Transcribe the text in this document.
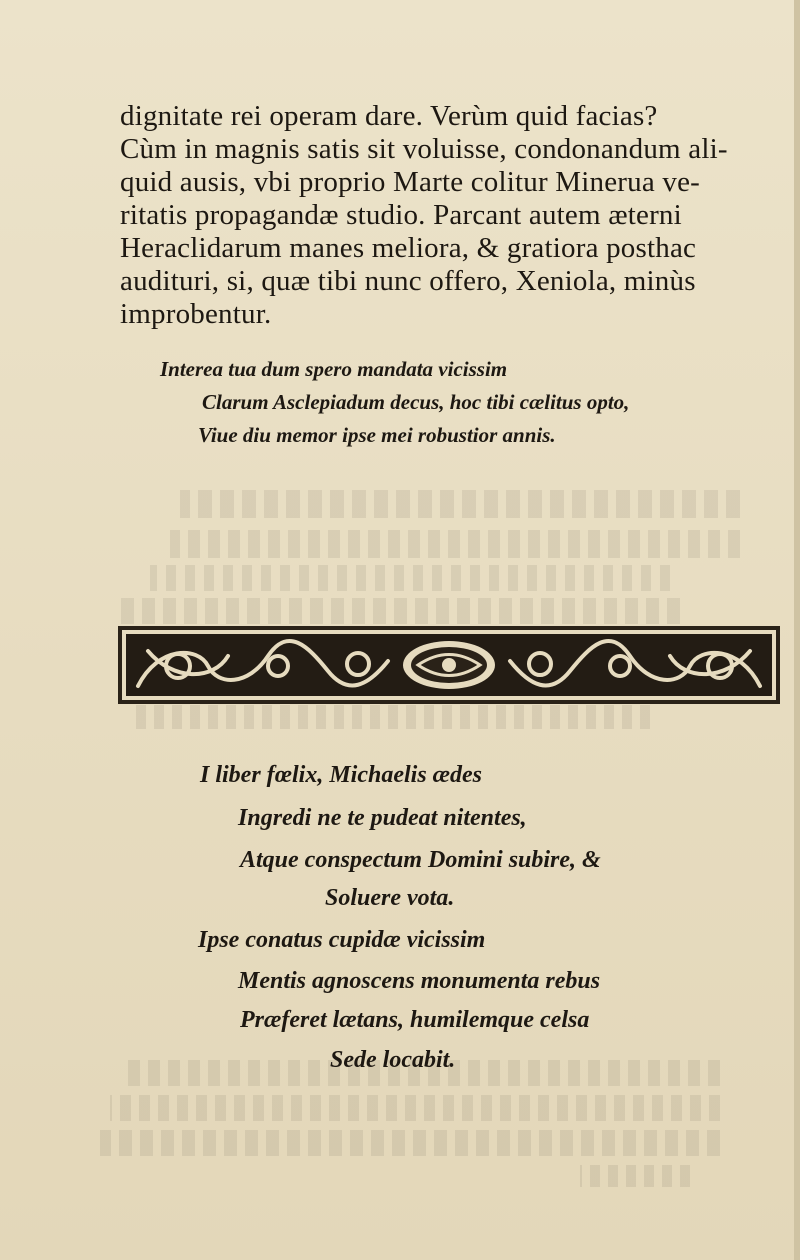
dignitate rei operam dare. Verùm quid facias?

Cùm in magnis satis sit voluisse, condonandum ali-

quid ausis, vbi proprio Marte colitur Minerua ve-

ritatis propagandæ studio. Parcant autem æterni

Heraclidarum manes meliora, & gratiora posthac

audituri, si, quæ tibi nunc offero, Xeniola, minùs

improbentur.

Interea tua dum spero mandata vicissim

Clarum Asclepiadum decus, hoc tibi cælitus opto,

Viue diu memor ipse mei robustior annis.

I liber fœlix, Michaelis ædes

Ingredi ne te pudeat nitentes,

Atque conspectum Domini subire, &

Soluere vota.

Ipse conatus cupidæ vicissim

Mentis agnoscens monumenta rebus

Præferet lætans, humilemque celsa

Sede locabit.
